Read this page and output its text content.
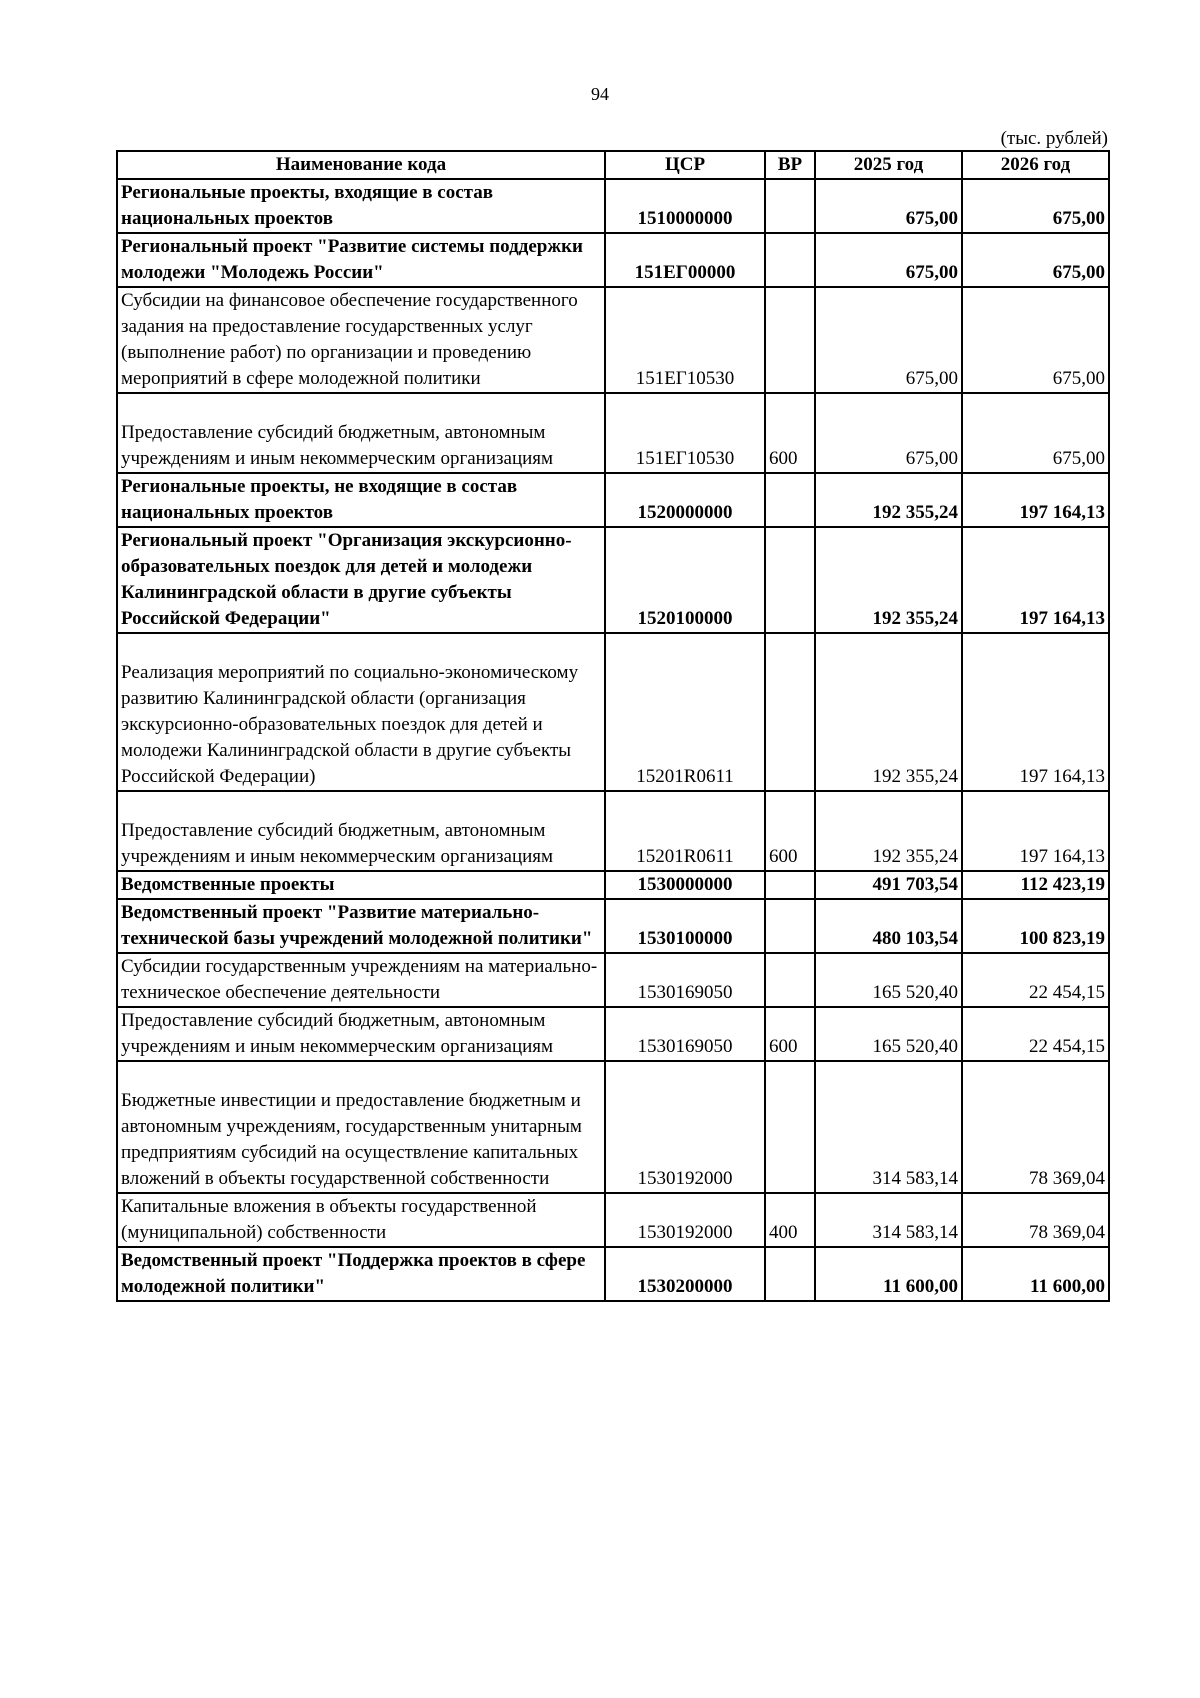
94
(тыс. рублей)
Наименование кода	ЦСР	ВР	2025 год	2026 год
Региональные проекты, входящие в состав национальных проектов	1510000000		675,00	675,00
Региональный проект "Развитие системы поддержки молодежи "Молодежь России"	151ЕГ00000		675,00	675,00
Субсидии на финансовое обеспечение государственного задания на предоставление государственных услуг (выполнение работ) по организации и проведению мероприятий в сфере молодежной политики	151ЕГ10530		675,00	675,00
Предоставление субсидий бюджетным, автономным учреждениям и иным некоммерческим организациям	151ЕГ10530	600	675,00	675,00
Региональные проекты, не входящие в состав национальных проектов	1520000000		192 355,24	197 164,13
Региональный проект "Организация экскурсионно-образовательных поездок для детей и молодежи Калининградской области в другие субъекты Российской Федерации"	1520100000		192 355,24	197 164,13
Реализация мероприятий по социально-экономическому развитию Калининградской области (организация экскурсионно-образовательных поездок для детей и молодежи Калининградской области в другие субъекты Российской Федерации)	15201R0611		192 355,24	197 164,13
Предоставление субсидий бюджетным, автономным учреждениям и иным некоммерческим организациям	15201R0611	600	192 355,24	197 164,13
Ведомственные проекты	1530000000		491 703,54	112 423,19
Ведомственный проект "Развитие материально-технической базы учреждений молодежной политики"	1530100000		480 103,54	100 823,19
Субсидии государственным учреждениям на материально-техническое обеспечение деятельности	1530169050		165 520,40	22 454,15
Предоставление субсидий бюджетным, автономным учреждениям и иным некоммерческим организациям	1530169050	600	165 520,40	22 454,15
Бюджетные инвестиции и предоставление бюджетным и автономным учреждениям, государственным унитарным предприятиям субсидий на осуществление капитальных вложений в объекты государственной собственности	1530192000		314 583,14	78 369,04
Капитальные вложения в объекты государственной (муниципальной) собственности	1530192000	400	314 583,14	78 369,04
Ведомственный проект "Поддержка проектов в сфере молодежной политики"	1530200000		11 600,00	11 600,00
